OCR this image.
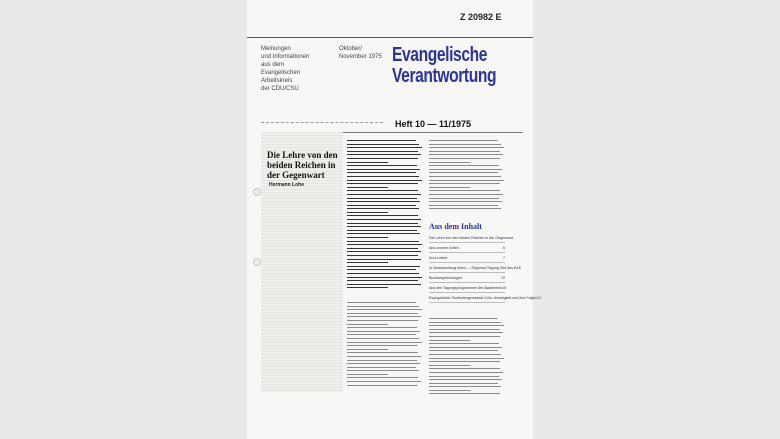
Z 20982 E
Meinungen
und Informationen
aus dem
Evangelischen
Arbeitskreis
der CDU/CSU
Oktober/
November 1975 Evangelische
Verantwortung
Heft 10 — 11/1975
Die Lehre von den beiden Reichen in der Gegenwart
Hermann Lohe
Aus dem Inhalt
Die Lehre von den beiden Reichen in der Gegenwart
Aus unserer Arbeit	6
Kurz notiert	7
In Verantwortung leben — Regional-Tagung Süd des EAK
Buchbesprechungen	10
Aus den Tagungsprogrammen der Akademien 10
Evangelische Studentengemeinde Köln: Unseligkeit und ihre Folgen 11
